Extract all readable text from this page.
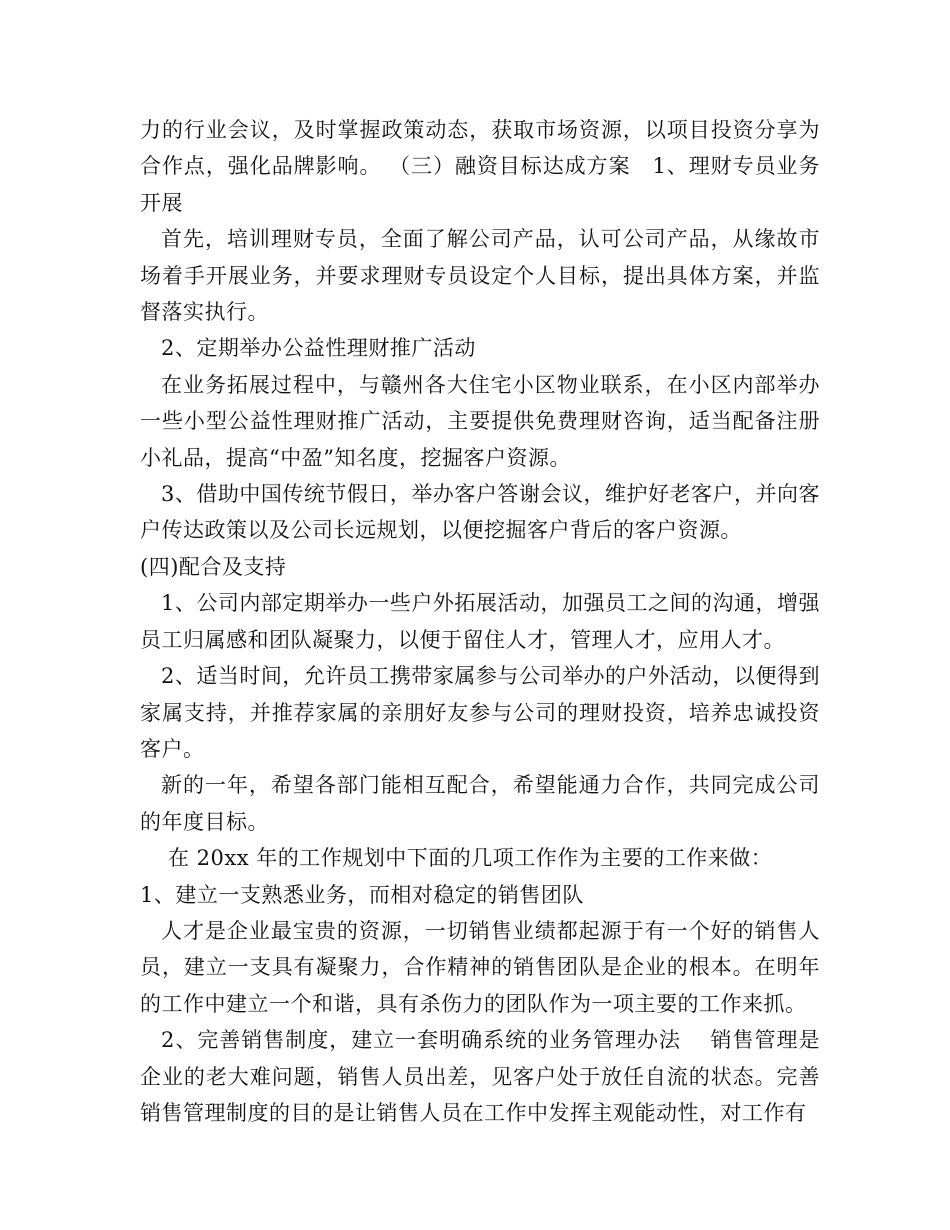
力的行业会议，及时掌握政策动态，获取市场资源，以项目投资分享为合作点，强化品牌影响。 （三）融资目标达成方案　1、理财专员业务开展

首先，培训理财专员，全面了解公司产品，认可公司产品，从缘故市场着手开展业务，并要求理财专员设定个人目标，提出具体方案，并监督落实执行。

2、定期举办公益性理财推广活动

在业务拓展过程中，与赣州各大住宅小区物业联系，在小区内部举办一些小型公益性理财推广活动，主要提供免费理财咨询，适当配备注册小礼品，提高“中盈”知名度，挖掘客户资源。

3、借助中国传统节假日，举办客户答谢会议，维护好老客户，并向客户传达政策以及公司长远规划，以便挖掘客户背后的客户资源。

(四)配合及支持

1、公司内部定期举办一些户外拓展活动，加强员工之间的沟通，增强员工归属感和团队凝聚力，以便于留住人才，管理人才，应用人才。

2、适当时间，允许员工携带家属参与公司举办的户外活动，以便得到家属支持，并推荐家属的亲朋好友参与公司的理财投资，培养忠诚投资客户。

新的一年，希望各部门能相互配合，希望能通力合作，共同完成公司的年度目标。

在 20xx 年的工作规划中下面的几项工作作为主要的工作来做：

1、建立一支熟悉业务，而相对稳定的销售团队

人才是企业最宝贵的资源，一切销售业绩都起源于有一个好的销售人员，建立一支具有凝聚力，合作精神的销售团队是企业的根本。在明年的工作中建立一个和谐，具有杀伤力的团队作为一项主要的工作来抓。

2、完善销售制度，建立一套明确系统的业务管理办法　 销售管理是企业的老大难问题，销售人员出差，见客户处于放任自流的状态。完善销售管理制度的目的是让销售人员在工作中发挥主观能动性，对工作有
